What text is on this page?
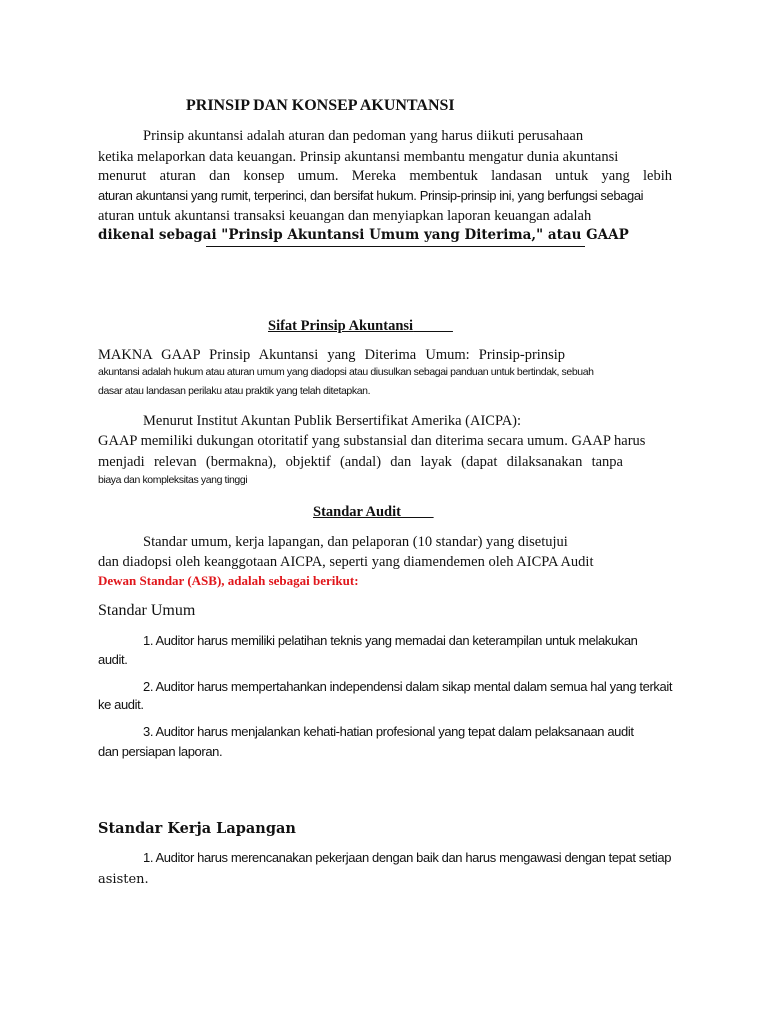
PRINSIP DAN KONSEP AKUNTANSI
Prinsip akuntansi adalah aturan dan pedoman yang harus diikuti perusahaan
ketika melaporkan data keuangan. Prinsip akuntansi membantu mengatur dunia akuntansi
menurut aturan dan konsep umum. Mereka membentuk landasan untuk yang lebih
aturan akuntansi yang rumit, terperinci, dan bersifat hukum. Prinsip-prinsip ini, yang berfungsi sebagai
aturan untuk akuntansi transaksi keuangan dan menyiapkan laporan keuangan adalah
dikenal sebagai "Prinsip Akuntansi Umum yang Diterima," atau GAAP
Sifat Prinsip Akuntansi
MAKNA GAAP Prinsip Akuntansi yang Diterima Umum: Prinsip-prinsip
akuntansi adalah hukum atau aturan umum yang diadopsi atau diusulkan sebagai panduan untuk bertindak, sebuah
dasar atau landasan perilaku atau praktik yang telah ditetapkan.
Menurut Institut Akuntan Publik Bersertifikat Amerika (AICPA):
GAAP memiliki dukungan otoritatif yang substansial dan diterima secara umum. GAAP harus
menjadi relevan (bermakna), objektif (andal) dan layak (dapat dilaksanakan tanpa
biaya dan kompleksitas yang tinggi
Standar Audit
Standar umum, kerja lapangan, dan pelaporan (10 standar) yang disetujui
dan diadopsi oleh keanggotaan AICPA, seperti yang diamendemen oleh AICPA Audit
Dewan Standar (ASB), adalah sebagai berikut:
Standar Umum
1. Auditor harus memiliki pelatihan teknis yang memadai dan keterampilan untuk melakukan
audit.
2. Auditor harus mempertahankan independensi dalam sikap mental dalam semua hal yang terkait
ke audit.
3. Auditor harus menjalankan kehati-hatian profesional yang tepat dalam pelaksanaan audit
dan persiapan laporan.
Standar Kerja Lapangan
1. Auditor harus merencanakan pekerjaan dengan baik dan harus mengawasi dengan tepat setiap
asisten.
